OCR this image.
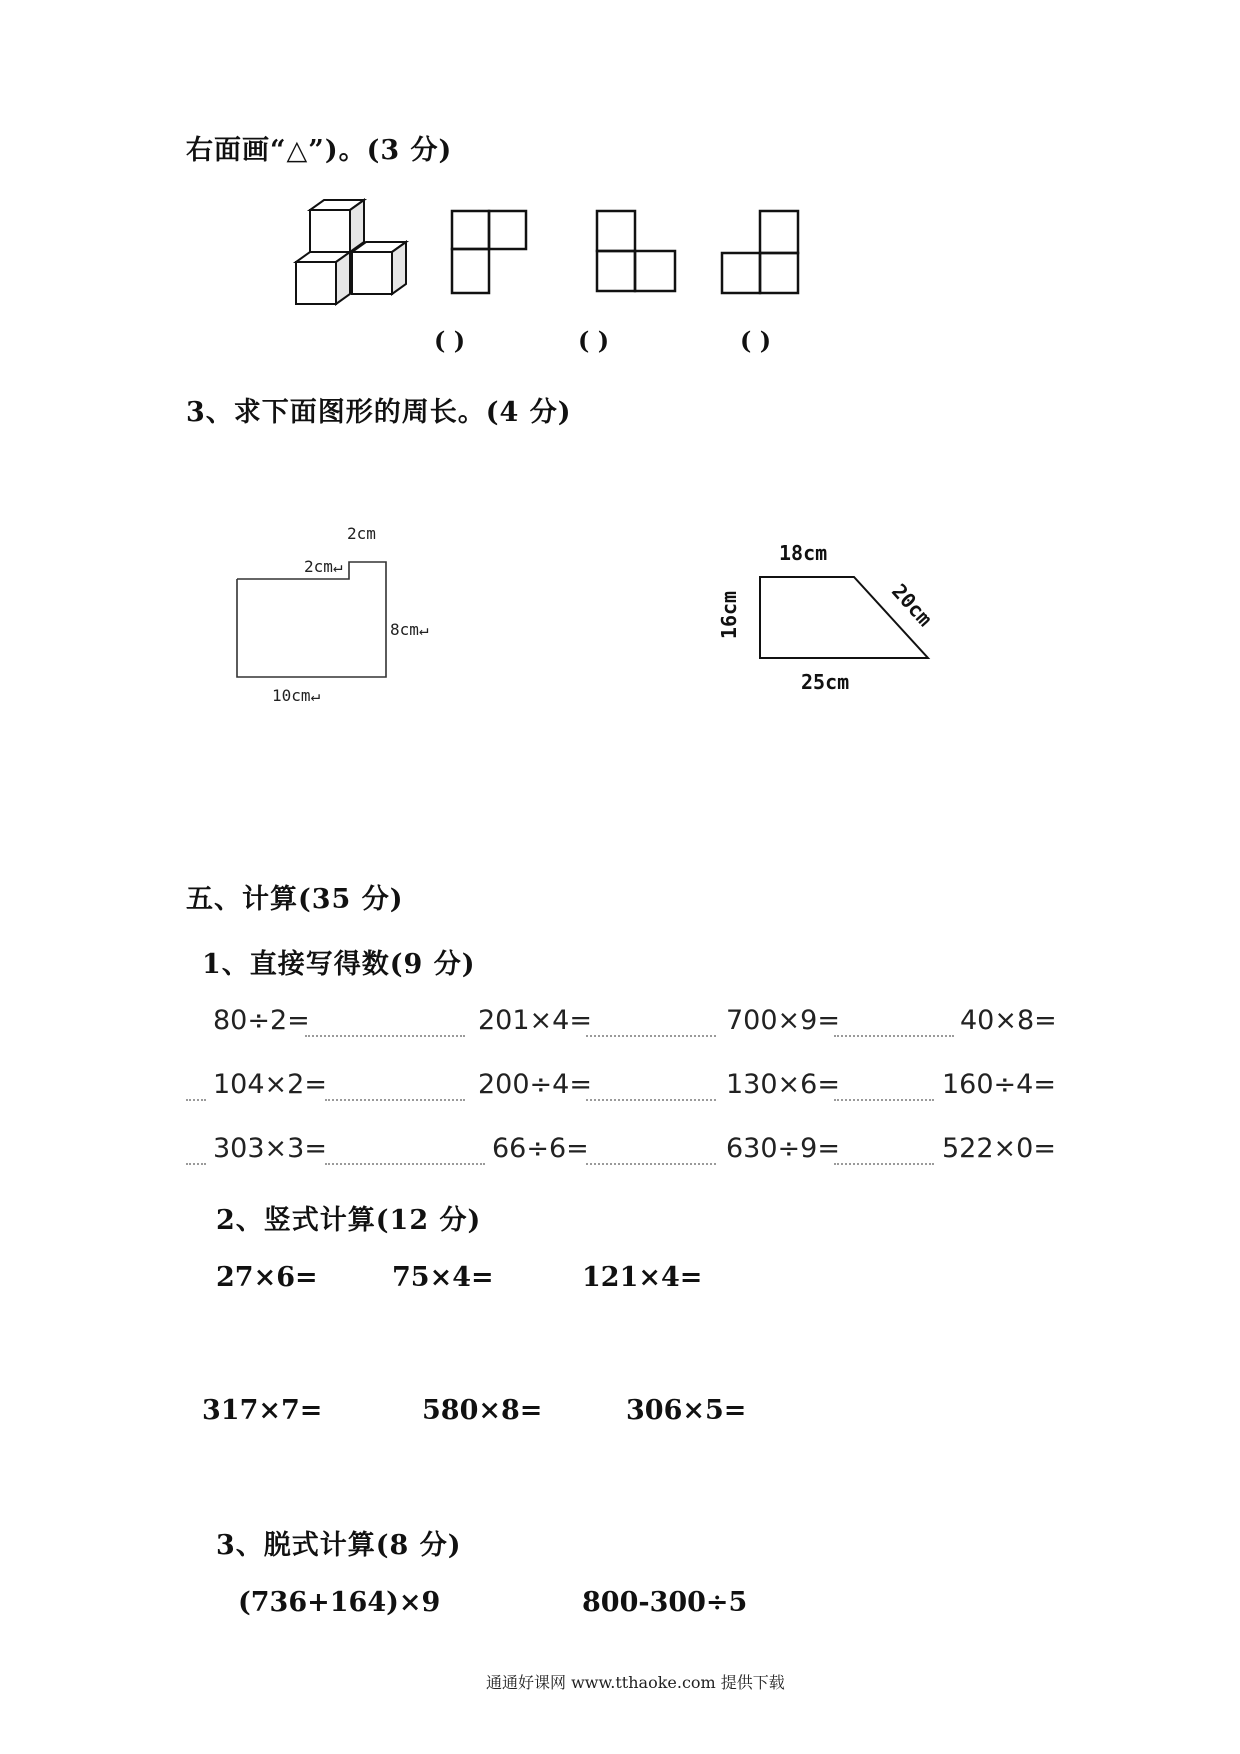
右面画“△”)。(3 分)
( )	( )	( )
3、求下面图形的周长。(4 分)
2cm
2cm↵
8cm↵
10cm↵
18cm
25cm
16cm	20cm
五、计算(35 分)
1、直接写得数(9 分)
80÷2=	201×4=	700×9=	40×8=
104×2=	200÷4=	130×6=	160÷4=
303×3=	66÷6=	630÷9=	522×0=
2、竖式计算(12 分)
27×6=	75×4=	121×4=
317×7=	580×8=	306×5=
3、脱式计算(8 分)
(736+164)×9	800-300÷5
通通好课网 www.tthaoke.com 提供下载
